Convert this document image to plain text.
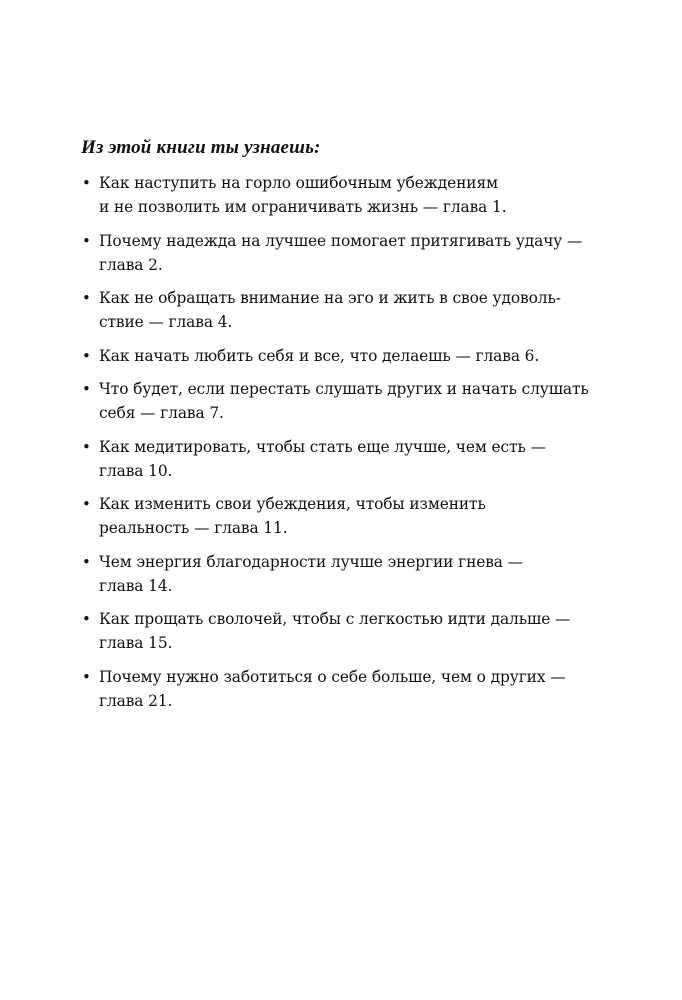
Из этой книги ты узнаешь:
• Как наступить на горло ошибочным убеждениям
и не позволить им ограничивать жизнь — глава 1.
• Почему надежда на лучшее помогает притягивать удачу —
глава 2.
• Как не обращать внимание на эго и жить в свое удоволь-
ствие — глава 4.
• Как начать любить себя и все, что делаешь — глава 6.
• Что будет, если перестать слушать других и начать слушать
себя — глава 7.
• Как медитировать, чтобы стать еще лучше, чем есть —
глава 10.
• Как изменить свои убеждения, чтобы изменить
реальность — глава 11.
• Чем энергия благодарности лучше энергии гнева —
глава 14.
• Как прощать сволочей, чтобы с легкостью идти дальше —
глава 15.
• Почему нужно заботиться о себе больше, чем о других —
глава 21.
